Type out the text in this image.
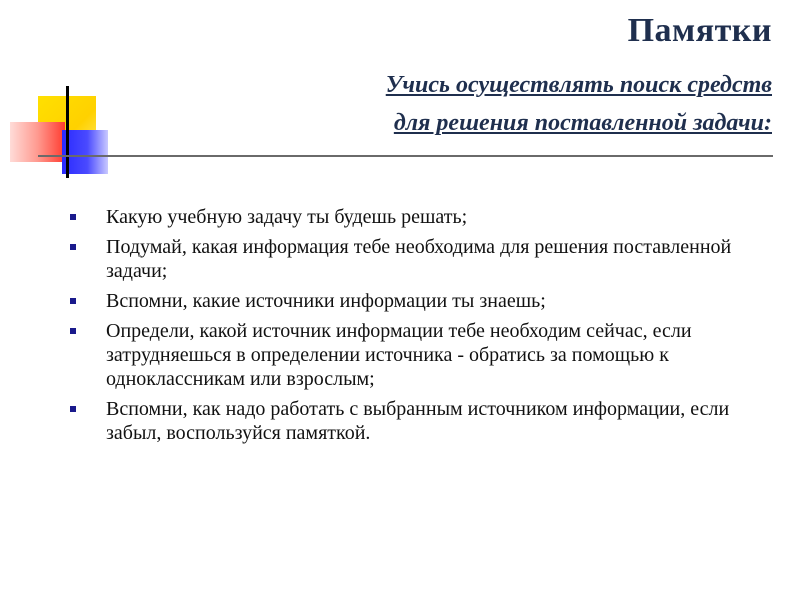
Памятки
Учись осуществлять поиск средств
для решения поставленной задачи:
Какую учебную задачу ты будешь решать;
Подумай, какая информация тебе необходима для решения поставленной задачи;
Вспомни, какие источники информации ты знаешь;
Определи, какой источник информации тебе необходим сейчас, если затрудняешься в определении источника - обратись за помощью к одноклассникам или взрослым;
Вспомни, как надо работать с выбранным источником информации, если забыл, воспользуйся памяткой.
